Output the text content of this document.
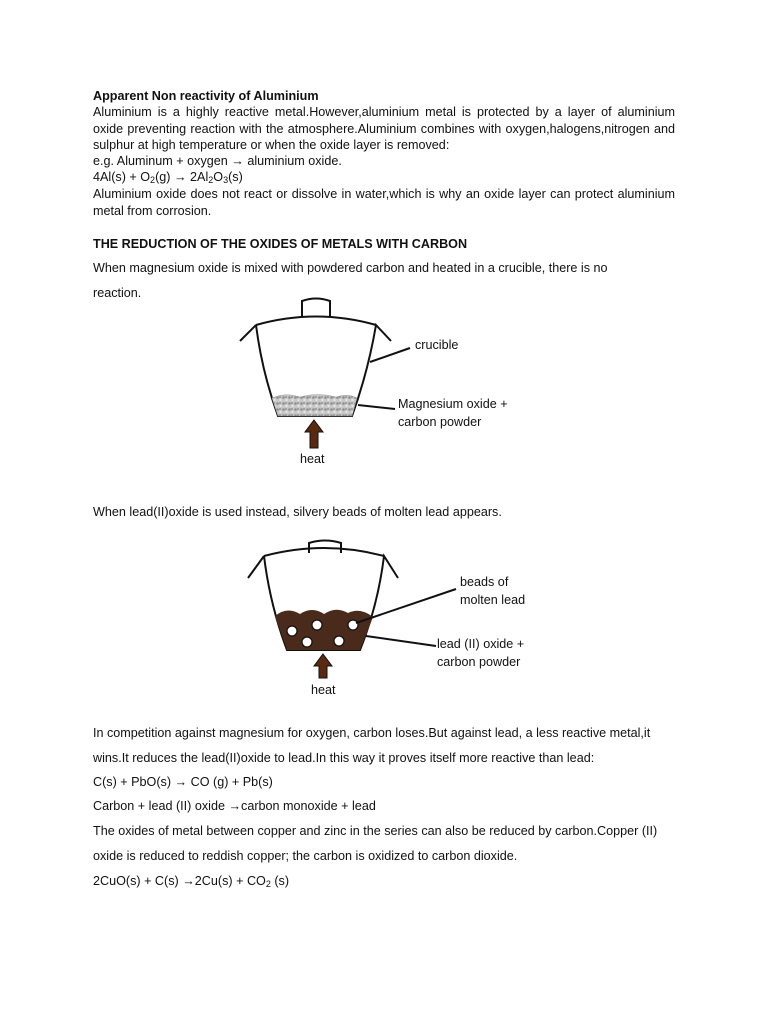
Apparent Non reactivity of Aluminium
Aluminium is a highly reactive metal.However,aluminium metal is protected by a layer of aluminium oxide preventing reaction with the atmosphere.Aluminium combines with oxygen,halogens,nitrogen and sulphur at high temperature or when the oxide layer is removed:
e.g. Aluminum + oxygen → aluminium oxide.
$4Al(s) + O_2(g) \to 2Al_2O_3(s)$
Aluminium oxide does not react or dissolve in water,which is why an oxide layer can protect aluminium metal from corrosion.
THE REDUCTION OF THE OXIDES OF METALS WITH CARBON
When magnesium oxide is mixed with powdered carbon and heated in a crucible, there is no
reaction.
crucible
Magnesium oxide +
carbon powder
heat
When lead(II)oxide is used instead, silvery beads of molten lead appears.
beads of
molten lead
lead (II) oxide +
carbon powder
heat
In competition against magnesium for oxygen, carbon loses.But against lead, a less reactive metal,it
wins.It reduces the lead(II)oxide to lead.In this way it proves itself more reactive than lead:
C(s) + PbO(s) → CO (g) + Pb(s)
Carbon + lead (II) oxide →carbon monoxide + lead
The oxides of metal between copper and zinc in the series can also be reduced by carbon.Copper (II)
oxide is reduced to reddish copper; the carbon is oxidized to carbon dioxide.
$2CuO(s) + C(s) \to 2Cu(s) + CO_2$ (s)
